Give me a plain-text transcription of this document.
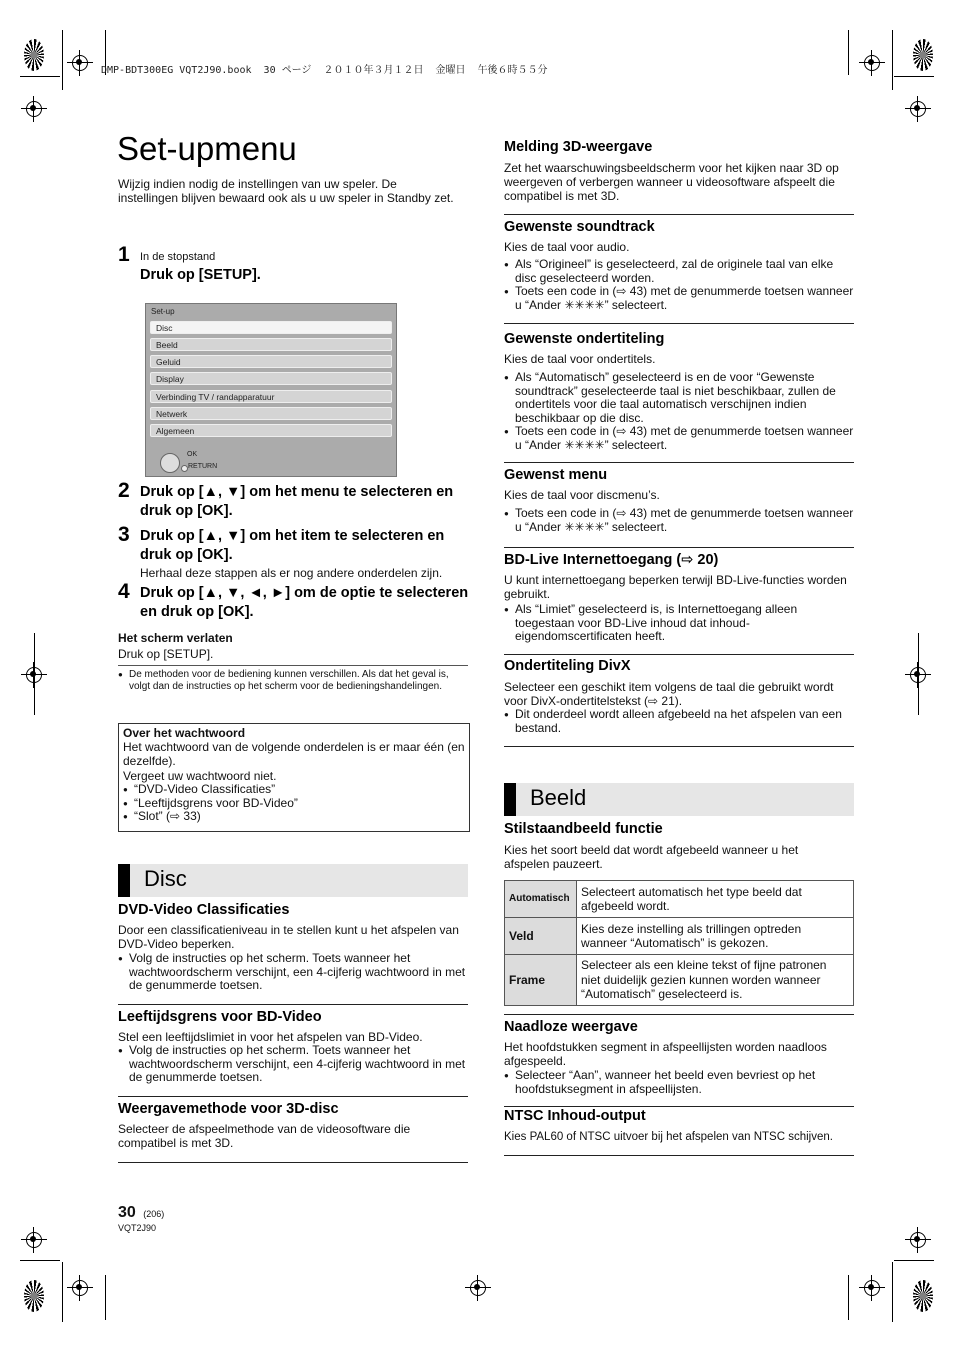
DMP-BDT300EG VQT2J90.book  30 ページ  ２０１０年３月１２日  金曜日  午後６時５５分
Set-upmenu

Wijzig indien nodig de instellingen van uw speler. De instellingen blijven bewaard ook als u uw speler in Standby zet.

1 In de stopstand
Druk op [SETUP].
Set-up
Disc
Beeld
Geluid
Display
Verbinding TV / randapparatuur
Netwerk
Algemeen
OK
RETURN
2 Druk op [▲, ▼] om het menu te selecteren en druk op [OK].
3 Druk op [▲, ▼] om het item te selecteren en druk op [OK].
Herhaal deze stappen als er nog andere onderdelen zijn.
4 Druk op [▲, ▼, ◄, ►] om de optie te selecteren en druk op [OK].
Het scherm verlaten
Druk op [SETUP].
● De methoden voor de bediening kunnen verschillen. Als dat het geval is, volgt dan de instructies op het scherm voor de bedieningshandelingen.
Over het wachtwoord
Het wachtwoord van de volgende onderdelen is er maar één (en dezelfde).
Vergeet uw wachtwoord niet.
● “DVD-Video Classificaties”
● “Leeftijdsgrens voor BD-Video”
● “Slot” (⇨ 33)
Disc
DVD-Video Classificaties

Door een classificatieniveau in te stellen kunt u het afspelen van DVD-Video beperken.

● Volg de instructies op het scherm. Toets wanneer het wachtwoordscherm verschijnt, een 4-cijferig wachtwoord in met de genummerde toetsen.
Leeftijdsgrens voor BD-Video

Stel een leeftijdslimiet in voor het afspelen van BD-Video.

● Volg de instructies op het scherm. Toets wanneer het wachtwoordscherm verschijnt, een 4-cijferig wachtwoord in met de genummerde toetsen.
Weergavemethode voor 3D-disc

Selecteer de afspeelmethode van de videosoftware die compatibel is met 3D.

30 (206)
VQT2J90
Melding 3D-weergave

Zet het waarschuwingsbeeldscherm voor het kijken naar 3D op weergeven of verbergen wanneer u videosoftware afspeelt die compatibel is met 3D.

Gewenste soundtrack

Kies de taal voor audio.

● Als “Origineel” is geselecteerd, zal de originele taal van elke disc geselecteerd worden.
● Toets een code in (⇨ 43) met de genummerde toetsen wanneer u “Ander ✳✳✳✳” selecteert.
Gewenste ondertiteling

Kies de taal voor ondertitels.

● Als “Automatisch” geselecteerd is en de voor “Gewenste soundtrack” geselecteerde taal is niet beschikbaar, zullen de ondertitels voor die taal automatisch verschijnen indien beschikbaar op die disc.
● Toets een code in (⇨ 43) met de genummerde toetsen wanneer u “Ander ✳✳✳✳” selecteert.
Gewenst menu

Kies de taal voor discmenu’s.

● Toets een code in (⇨ 43) met de genummerde toetsen wanneer u “Ander ✳✳✳✳” selecteert.
BD-Live Internettoegang (⇨ 20)

U kunt internettoegang beperken terwijl BD-Live-functies worden gebruikt.

● Als “Limiet” geselecteerd is, is Internettoegang alleen toegestaan voor BD-Live inhoud dat inhoud-eigendomscertificaten heeft.
Ondertiteling DivX

Selecteer een geschikt item volgens de taal die gebruikt wordt voor DivX-ondertitelstekst (⇨ 21).

● Dit onderdeel wordt alleen afgebeeld na het afspelen van een bestand.
Beeld
Stilstaandbeeld functie

Kies het soort beeld dat wordt afgebeeld wanneer u het afspelen pauzeert.

Automatisch	Selecteert automatisch het type beeld dat afgebeeld wordt.
Veld	Kies deze instelling als trillingen optreden wanneer “Automatisch” is gekozen.
Frame	Selecteer als een kleine tekst of fijne patronen niet duidelijk gezien kunnen worden wanneer “Automatisch” geselecteerd is.
Naadloze weergave

Het hoofdstukken segment in afspeellijsten worden naadloos afgespeeld.

● Selecteer “Aan”, wanneer het beeld even bevriest op het hoofdstuksegment in afspeellijsten.
NTSC Inhoud-output

Kies PAL60 of NTSC uitvoer bij het afspelen van NTSC schijven.
